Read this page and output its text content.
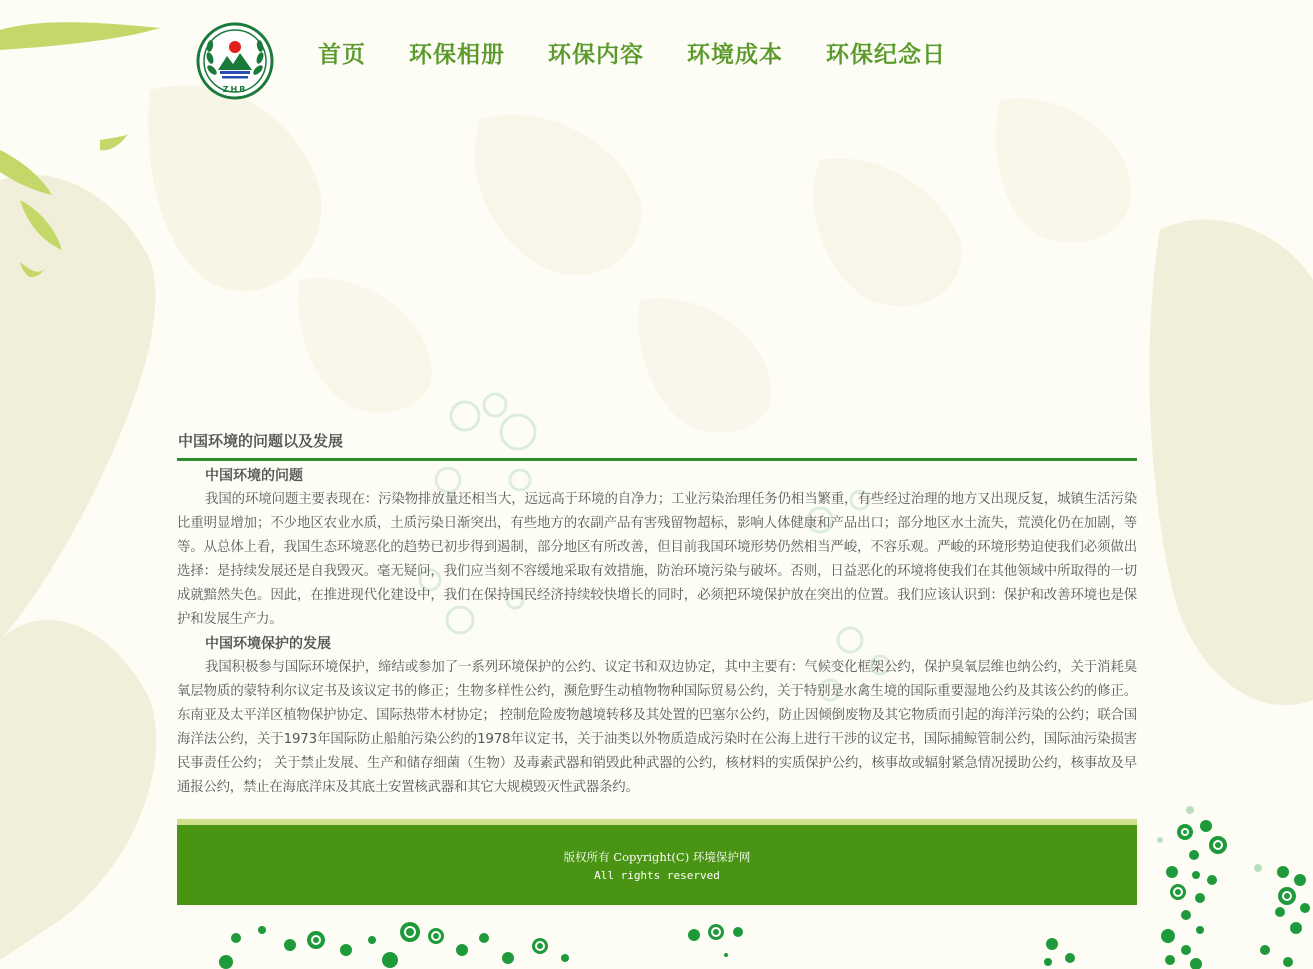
ZHB
首页 环保相册 环保内容 环境成本 环保纪念日
中国环境的问题以及发展
中国环境的问题

我国的环境问题主要表现在：污染物排放量还相当大，远远高于环境的自净力；工业污染治理任务仍相当繁重，有些经过治理的地方又出现反复，城镇生活污染比重明显增加；不少地区农业水质，土质污染日渐突出，有些地方的农副产品有害残留物超标，影响人体健康和产品出口；部分地区水土流失，荒漠化仍在加剧，等等。从总体上看，我国生态环境恶化的趋势已初步得到遏制，部分地区有所改善，但目前我国环境形势仍然相当严峻，不容乐观。严峻的环境形势迫使我们必须做出选择：是持续发展还是自我毁灭。毫无疑问，我们应当刻不容缓地采取有效措施，防治环境污染与破坏。否则，日益恶化的环境将使我们在其他领域中所取得的一切成就黯然失色。因此，在推进现代化建设中，我们在保持国民经济持续较快增长的同时，必须把环境保护放在突出的位置。我们应该认识到：保护和改善环境也是保护和发展生产力。

中国环境保护的发展

我国积极参与国际环境保护，缔结或参加了一系列环境保护的公约、议定书和双边协定，其中主要有：气候变化框架公约，保护臭氧层维也纳公约，关于消耗臭氧层物质的蒙特利尔议定书及该议定书的修正；生物多样性公约，濒危野生动植物物种国际贸易公约，关于特别是水禽生境的国际重要湿地公约及其该公约的修正。东南亚及太平洋区植物保护协定、国际热带木材协定； 控制危险废物越境转移及其处置的巴塞尔公约，防止因倾倒废物及其它物质而引起的海洋污染的公约；联合国海洋法公约，关于1973年国际防止船舶污染公约的1978年议定书，关于油类以外物质造成污染时在公海上进行干涉的议定书，国际捕鲸管制公约，国际油污染损害民事责任公约； 关于禁止发展、生产和储存细菌（生物）及毒素武器和销毁此种武器的公约，核材料的实质保护公约，核事故或辐射紧急情况援助公约，核事故及早通报公约，禁止在海底洋床及其底土安置核武器和其它大规模毁灭性武器条约。

版权所有 Copyright(C) 环境保护网
All rights reserved
